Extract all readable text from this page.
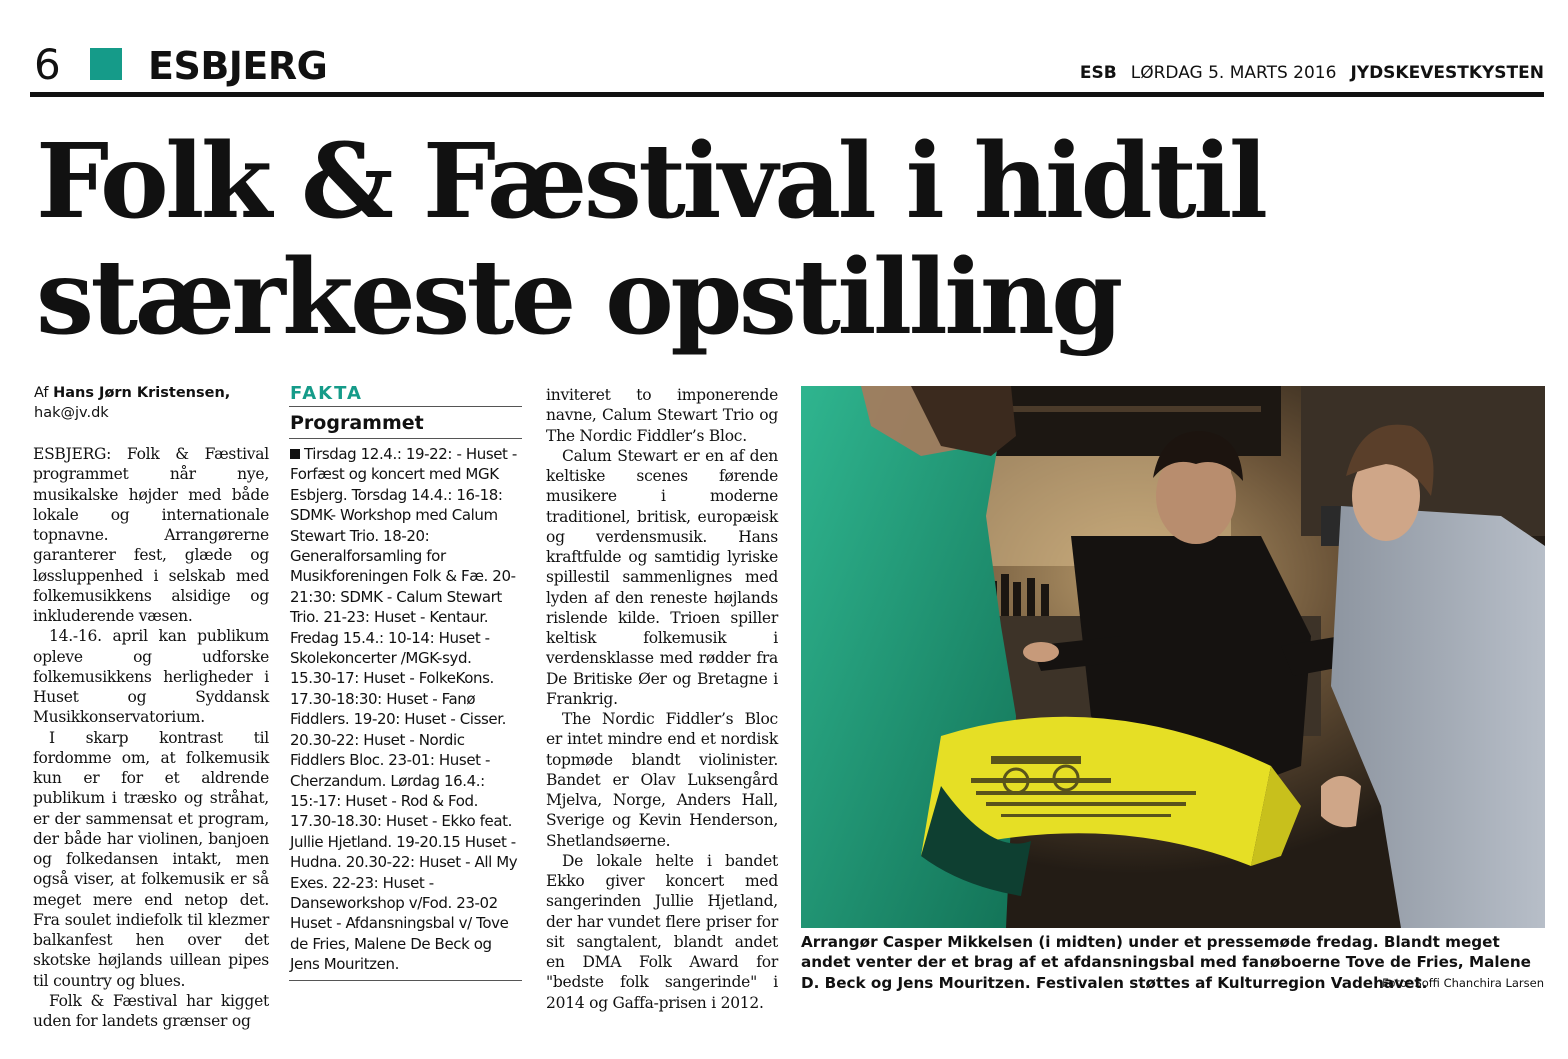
6 ESBJERG	ESB LØRDAG 5. MARTS 2016 JYDSKEVESTKYSTEN
Folk & Fæstival i hidtil
stærkeste opstilling
Af Hans Jørn Kristensen,
hak@jv.dk

ESBJERG: Folk & Fæstival programmet når nye, musikalske højder med både lokale og internationale topnavne. Arrangørerne garanterer fest, glæde og løssluppenhed i selskab med folkemusikkens alsidige og inkluderende væsen.

14.-16. april kan publikum opleve og udforske folkemusikkens herligheder i Huset og Syddansk Musikkonservatorium.

I skarp kontrast til fordomme om, at folkemusik kun er for et aldrende publikum i træsko og stråhat, er der sammensat et program, der både har violinen, banjoen og folkedansen intakt, men også viser, at folkemusik er så meget mere end netop det. Fra soulet indiefolk til klezmer balkanfest hen over det skotske højlands uillean pipes til country og blues.

Folk & Fæstival har kigget uden for landets grænser og

FAKTA
Programmet
Tirsdag 12.4.: 19-22: - Huset - Forfæst og koncert med MGK Esbjerg. Torsdag 14.4.: 16-18: SDMK- Workshop med Calum Stewart Trio. 18-20: Generalforsamling for Musikforeningen Folk & Fæ. 20-21:30: SDMK - Calum Stewart Trio. 21-23: Huset - Kentaur. Fredag 15.4.: 10-14: Huset - Skolekoncerter /MGK-syd. 15.30-17: Huset - FolkeKons. 17.30-18:30: Huset - Fanø Fiddlers. 19-20: Huset - Cisser. 20.30-22: Huset - Nordic Fiddlers Bloc. 23-01: Huset -Cherzandum. Lørdag 16.4.: 15:-17: Huset - Rod & Fod. 17.30-18.30: Huset - Ekko feat. Jullie Hjetland. 19-20.15 Huset - Hudna. 20.30-22: Huset - All My Exes. 22-23: Huset - Danseworkshop v/Fod. 23-02 Huset - Afdansningsbal v/ Tove de Fries, Malene De Beck og Jens Mouritzen.

inviteret to imponerende navne, Calum Stewart Trio og The Nordic Fiddler’s Bloc.

Calum Stewart er en af den keltiske scenes førende musikere i moderne traditionel, britisk, europæisk og verdensmusik. Hans kraftfulde og samtidig lyriske spillestil sammenlignes med lyden af den reneste højlands rislende kilde. Trioen spiller keltisk folkemusik i verdensklasse med rødder fra De Britiske Øer og Bretagne i Frankrig.

The Nordic Fiddler’s Bloc er intet mindre end et nordisk topmøde blandt violinister. Bandet er Olav Luksengård Mjelva, Norge, Anders Hall, Sverige og Kevin Henderson, Shetlandsøerne.

De lokale helte i bandet Ekko giver koncert med sangerinden Jullie Hjetland, der har vundet flere priser for sit sangtalent, blandt andet en DMA Folk Award for "bedste folk sangerinde" i 2014 og Gaffa-prisen i 2012.

Arrangør Casper Mikkelsen (i midten) under et pressemøde fredag. Blandt meget andet venter der et brag af et afdansningsbal med fanøboerne Tove de Fries, Malene D. Beck og Jens Mouritzen. Festivalen støttes af Kulturregion Vadehavet.
Foto: Soffi Chanchira Larsen
